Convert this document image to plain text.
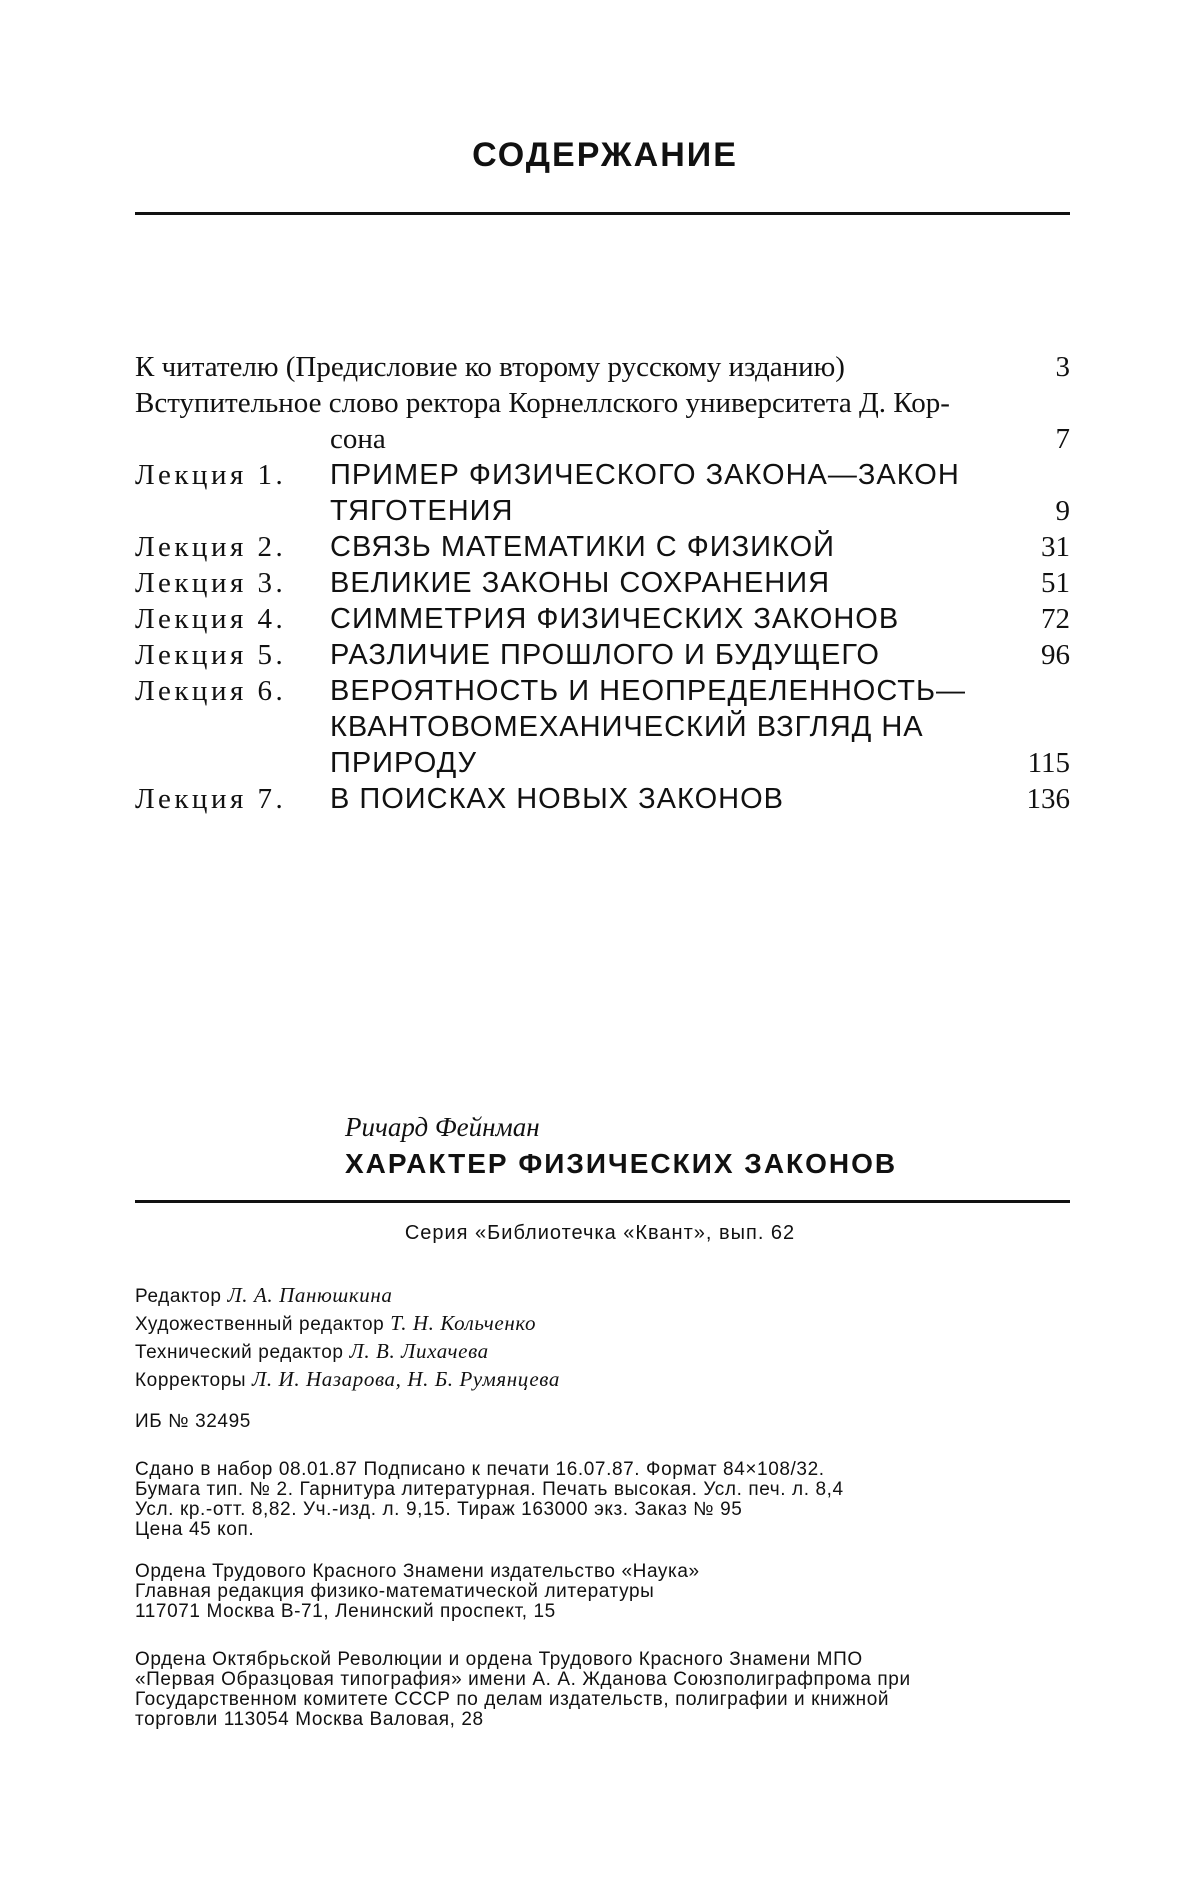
СОДЕРЖАНИЕ
К читателю (Предисловие ко второму русскому изданию)	3
Вступительное слово ректора Корнеллского университета Д. Кор-
сона	7
Лекция 1.	ПРИМЕР ФИЗИЧЕСКОГО ЗАКОНА—ЗАКОН
ТЯГОТЕНИЯ	9
Лекция 2.	СВЯЗЬ МАТЕМАТИКИ С ФИЗИКОЙ	31
Лекция 3.	ВЕЛИКИЕ ЗАКОНЫ СОХРАНЕНИЯ	51
Лекция 4.	СИММЕТРИЯ ФИЗИЧЕСКИХ ЗАКОНОВ	72
Лекция 5.	РАЗЛИЧИЕ ПРОШЛОГО И БУДУЩЕГО	96
Лекция 6.	ВЕРОЯТНОСТЬ И НЕОПРЕДЕЛЕННОСТЬ—
КВАНТОВОМЕХАНИЧЕСКИЙ ВЗГЛЯД НА
ПРИРОДУ	115
Лекция 7.	В ПОИСКАХ НОВЫХ ЗАКОНОВ	136
Ричард Фейнман
ХАРАКТЕР ФИЗИЧЕСКИХ ЗАКОНОВ
Серия «Библиотечка «Квант», вып. 62
Редактор Л. А. Панюшкина
Художественный редактор Т. Н. Кольченко
Технический редактор Л. В. Лихачева
Корректоры Л. И. Назарова, Н. Б. Румянцева
ИБ № 32495
Сдано в набор 08.01.87 Подписано к печати 16.07.87. Формат 84×108/32.
Бумага тип. № 2. Гарнитура литературная. Печать высокая. Усл. печ. л. 8,4
Усл. кр.-отт. 8,82. Уч.-изд. л. 9,15. Тираж 163000 экз. Заказ № 95
Цена 45 коп.
Ордена Трудового Красного Знамени издательство «Наука»
Главная редакция физико-математической литературы
117071 Москва В-71, Ленинский проспект, 15
Ордена Октябрьской Революции и ордена Трудового Красного Знамени МПО
«Первая Образцовая типография» имени А. А. Жданова Союзполиграфпрома при
Государственном комитете СССР по делам издательств, полиграфии и книжной
торговли 113054 Москва Валовая, 28
